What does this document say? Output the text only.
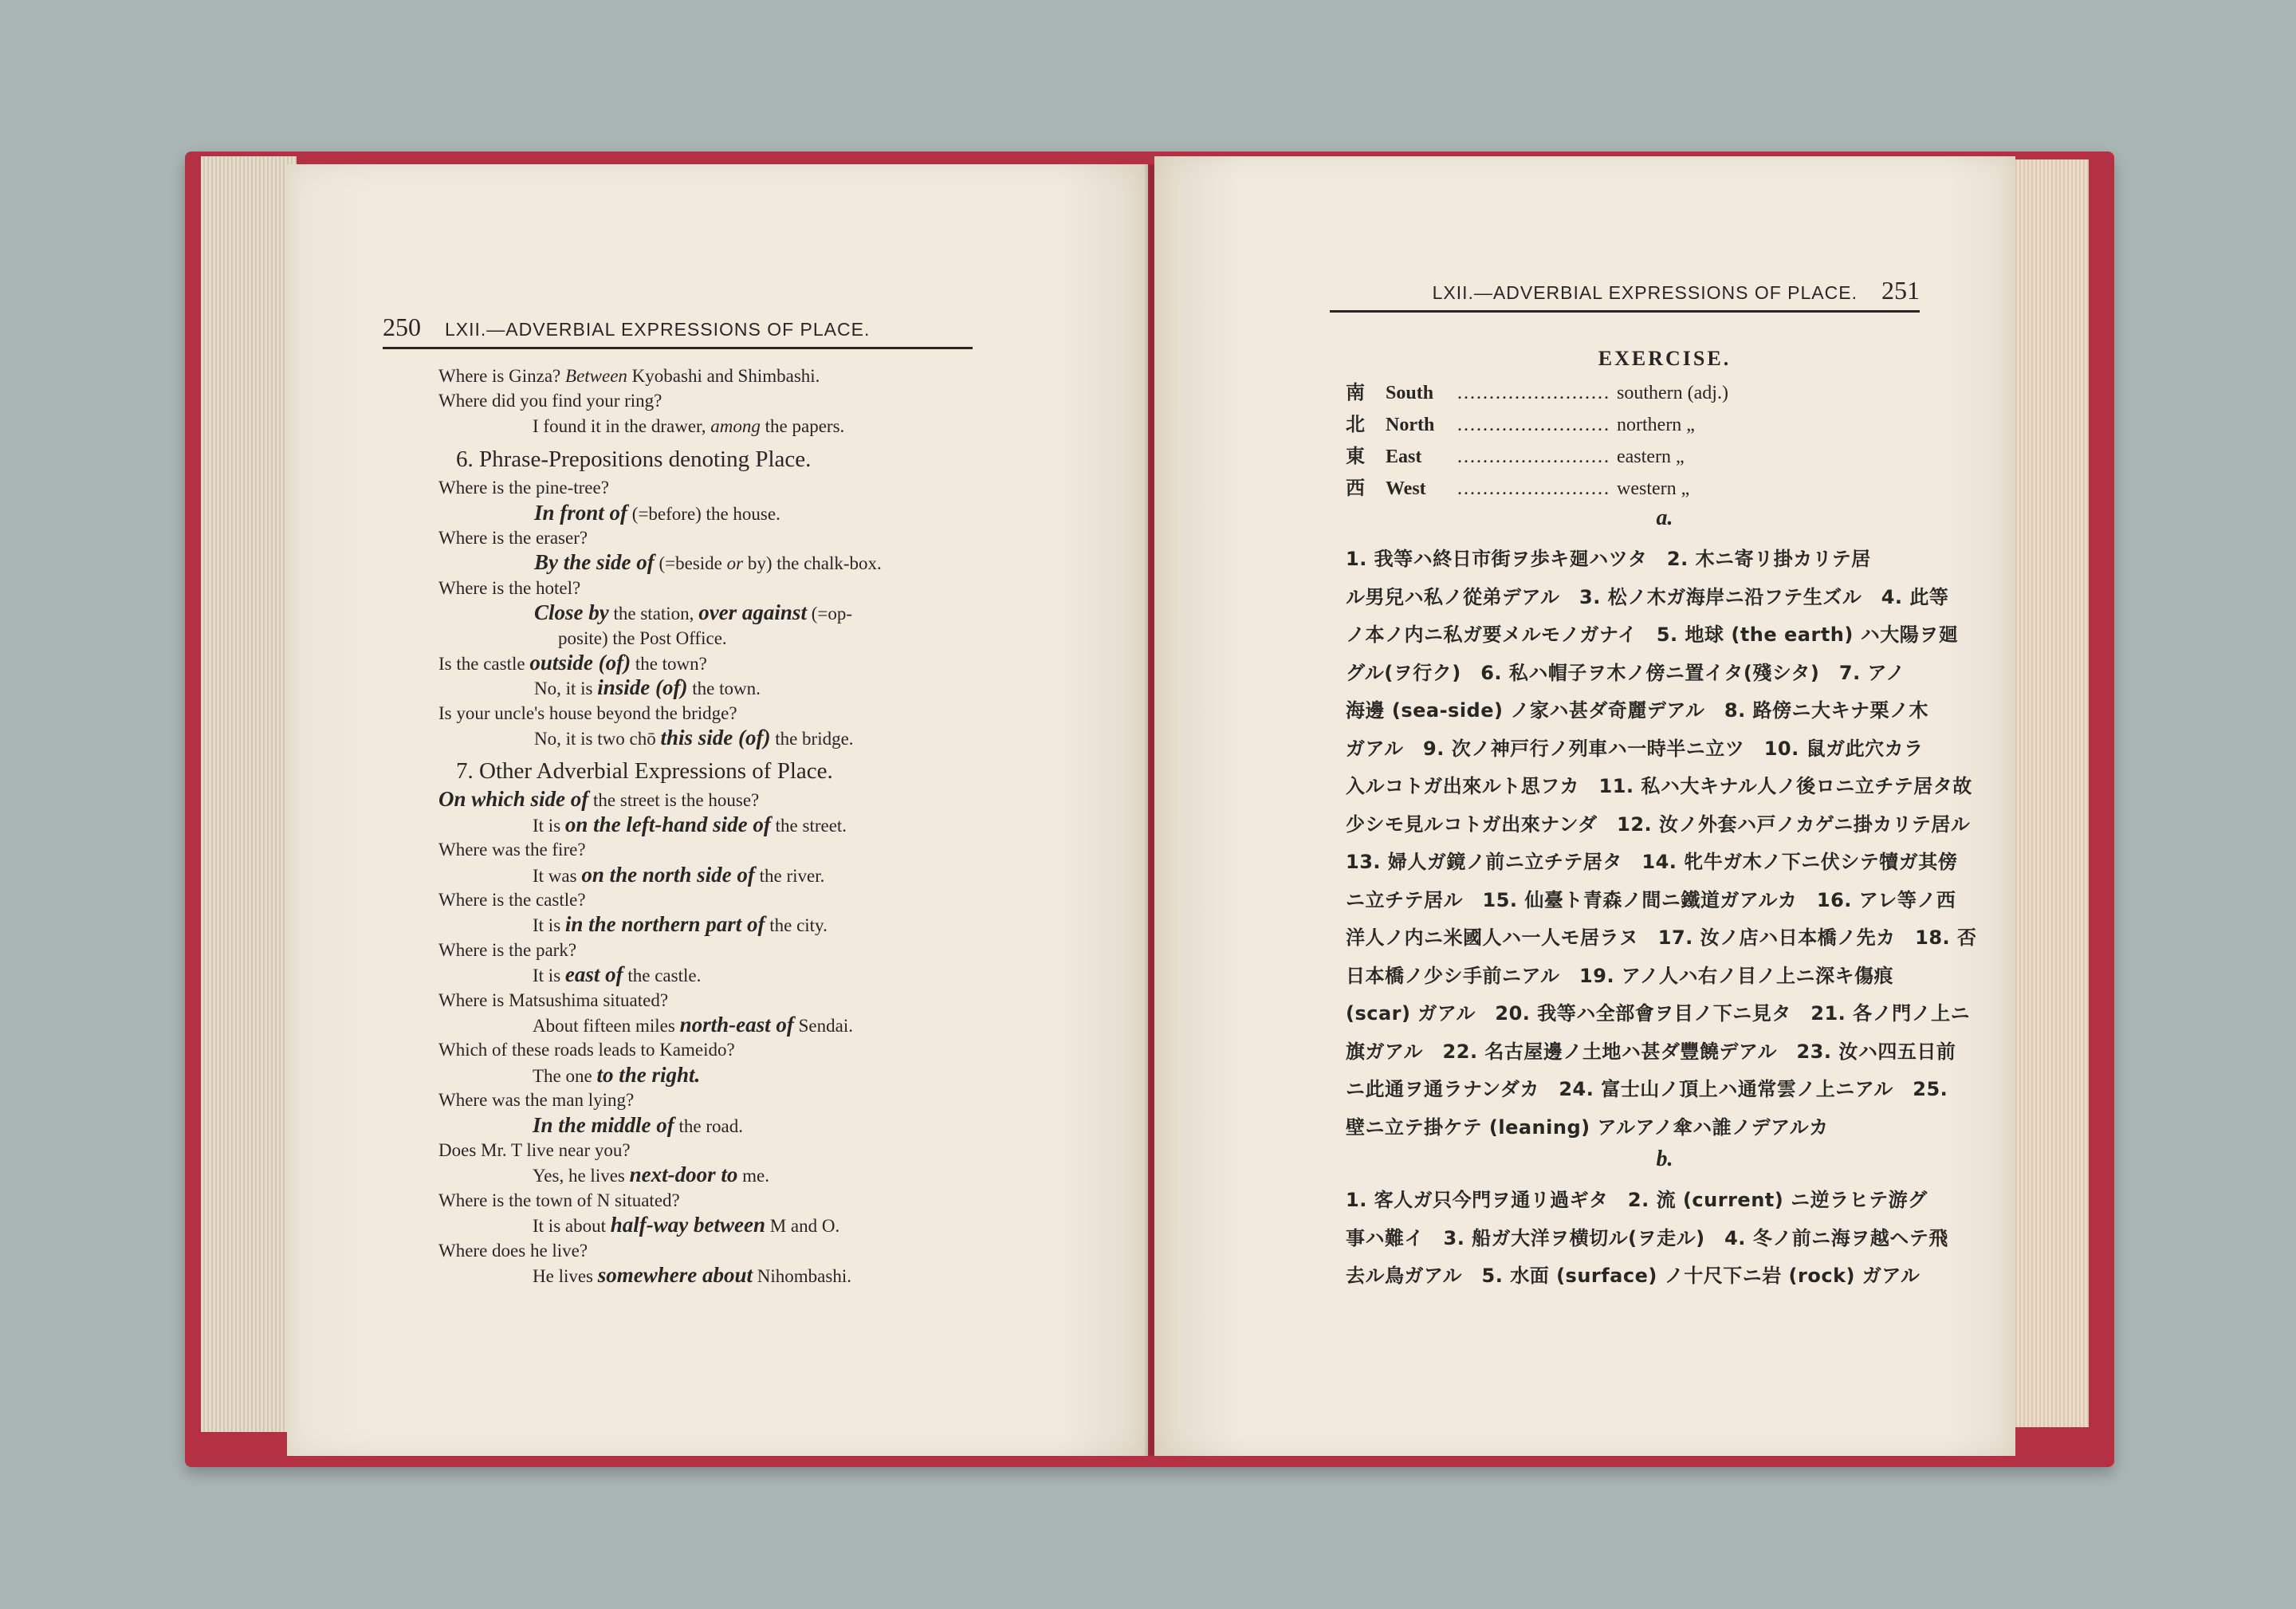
250 LXII.—ADVERBIAL EXPRESSIONS OF PLACE.
Where is Ginza? Between Kyobashi and Shimbashi.
Where did you find your ring?
I found it in the drawer, among the papers.
6. Phrase-Prepositions denoting Place.
Where is the pine-tree?
In front of (=before) the house.
Where is the eraser?
By the side of (=beside or by) the chalk-box.
Where is the hotel?
Close by the station, over against (=op-
posite) the Post Office.
Is the castle outside (of) the town?
No, it is inside (of) the town.
Is your uncle's house beyond the bridge?
No, it is two chō this side (of) the bridge.
7. Other Adverbial Expressions of Place.
On which side of the street is the house?
It is on the left-hand side of the street.
Where was the fire?
It was on the north side of the river.
Where is the castle?
It is in the northern part of the city.
Where is the park?
It is east of the castle.
Where is Matsushima situated?
About fifteen miles north-east of Sendai.
Which of these roads leads to Kameido?
The one to the right.
Where was the man lying?
In the middle of the road.
Does Mr. T live near you?
Yes, he lives next-door to me.
Where is the town of N situated?
It is about half-way between M and O.
Where does he live?
He lives somewhere about Nihombashi.
LXII.—ADVERBIAL EXPRESSIONS OF PLACE. 251
EXERCISE.
南	South	........................ southern (adj.)
北	North	........................ northern „
東	East	........................ eastern „
西	West	........................ western „
a.
1. 我等ハ終日市街ヲ歩キ廻ハツタ　2. 木ニ寄リ掛カリテ居
ル男兒ハ私ノ從弟デアル　3. 松ノ木ガ海岸ニ沿フテ生ズル　4. 此等
ノ本ノ内ニ私ガ要メルモノガナイ　5. 地球 (the earth) ハ大陽ヲ廻
グル(ヲ行ク)　6. 私ハ帽子ヲ木ノ傍ニ置イタ(殘シタ)　7. アノ
海邊 (sea-side) ノ家ハ甚ダ奇麗デアル　8. 路傍ニ大キナ栗ノ木
ガアル　9. 次ノ神戸行ノ列車ハ一時半ニ立ツ　10. 鼠ガ此穴カラ
入ルコトガ出來ルト思フカ　11. 私ハ大キナル人ノ後ロニ立チテ居タ故
少シモ見ルコトガ出來ナンダ　12. 汝ノ外套ハ戸ノカゲニ掛カリテ居ル
13. 婦人ガ鏡ノ前ニ立チテ居タ　14. 牝牛ガ木ノ下ニ伏シテ犢ガ其傍
ニ立チテ居ル　15. 仙臺ト青森ノ間ニ鐵道ガアルカ　16. アレ等ノ西
洋人ノ内ニ米國人ハ一人モ居ラヌ　17. 汝ノ店ハ日本橋ノ先カ　18. 否
日本橋ノ少シ手前ニアル　19. アノ人ハ右ノ目ノ上ニ深キ傷痕
(scar) ガアル　20. 我等ハ全部會ヲ目ノ下ニ見タ　21. 各ノ門ノ上ニ
旗ガアル　22. 名古屋邊ノ土地ハ甚ダ豐饒デアル　23. 汝ハ四五日前
ニ此通ヲ通ラナンダカ　24. 富士山ノ頂上ハ通常雲ノ上ニアル　25.
壁ニ立テ掛ケテ (leaning) アルアノ傘ハ誰ノデアルカ
b.
1. 客人ガ只今門ヲ通リ過ギタ　2. 流 (current) ニ逆ラヒテ游グ
事ハ難イ　3. 船ガ大洋ヲ横切ル(ヲ走ル)　4. 冬ノ前ニ海ヲ越ヘテ飛
去ル鳥ガアル　5. 水面 (surface) ノ十尺下ニ岩 (rock) ガアル
